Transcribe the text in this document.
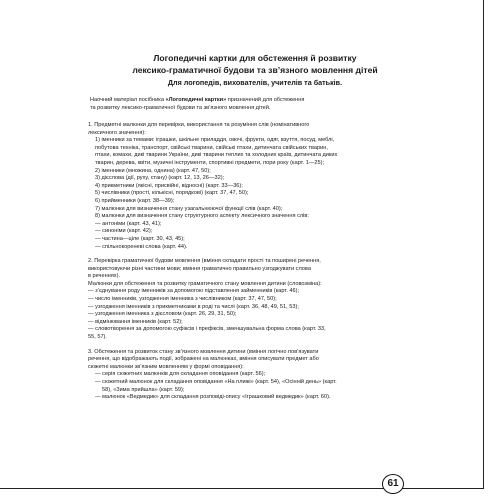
Логопедичні картки для обстеження й розвитку
лексико-граматичної будови та зв’язного мовлення дітей
Для логопедів, вихователів, учителів та батьків.
Наочний матеріал посібника «Логопедичні картки» призначений для обстеження
та розвитку лексико-граматичної будови та зв’язного мовлення дітей.
1. Предметні малюнки для перевірки, використання та розуміння слів (номінативного
лексичного значення):
1) іменники за темами: іграшки, шкільне приладдя, овочі, фрукти, одяг, взуття, посуд, меблі,
побутова техніка, транспорт, свійські тварини, свійські птахи, дитинчата свійських тварин,
птахи, комахи, дикі тварини України, дикі тварини теплих та холодних країв, дитинчата диких
тварин, дерева, квіти, музичні інструменти, спортивні предмети, пори року (карт. 1—25);
2) іменники (множина, однина) (карт. 47, 50);
3) дієслова (дії, руху, стану) (карт. 12, 13, 26—32);
4) прикметники (якісні, присвійні, відносні) (карт. 33—36);
5) числівники (прості, кількісні, порядкові) (карт. 37, 47, 50);
6) прийменники (карт. 38—39);
7) малюнки для визначення стану узагальнюючої функції слів (карт. 40);
8) малюнки для визначення стану структурного аспекту лексичного значення слів:
— антоніми (карт. 43, 41);
— синоніми (карт. 42);
— частина—ціле (карт. 30, 43, 45);
— спільнокореневі слова (карт. 44).
2. Перевірка граматичної будови мовлення (вміння складати прості та поширені речення,
використовуючи різні частини мови; вміння граматично правильно узгоджувати слова
в реченнях).
Малюнки для обстеження та розвитку граматичного стану мовлення дитини (словозміна):
— з’єднування роду іменників за допомогою підставлення займенників (карт. 46);
— число іменників, узгодження іменника з числівником (карт. 37, 47, 50);
— узгодження іменників з прикметниками в роді та числі (карт. 36, 48, 49, 51, 53);
— узгодження іменника з дієсловом (карт. 26, 29, 31, 50);
— відмінювання іменників (карт. 52);
— словотворення за допомогою суфіксів і префіксів, зменшувальна форма слова (карт. 33,
55, 57).
3. Обстеження та розвиток стану зв’язного мовлення дитини (вміння логічно пов’язувати
речення, що відображають події, зображені на малюнках, вміння описувати предмет або
сюжетні малюнки зв’язним мовленням у формі оповідання):
— серія сюжетних малюнків для складання оповідання (карт. 56);
— сюжетний малюнок для складання оповідання «На плижі» (карт. 54), «Осінній день» (карт.
58), «Зима прийшла» (карт. 59);
— малюнок «Ведмедик» для складання розповіді-опису «Іграшковий ведмедик» (карт. 60).
61
